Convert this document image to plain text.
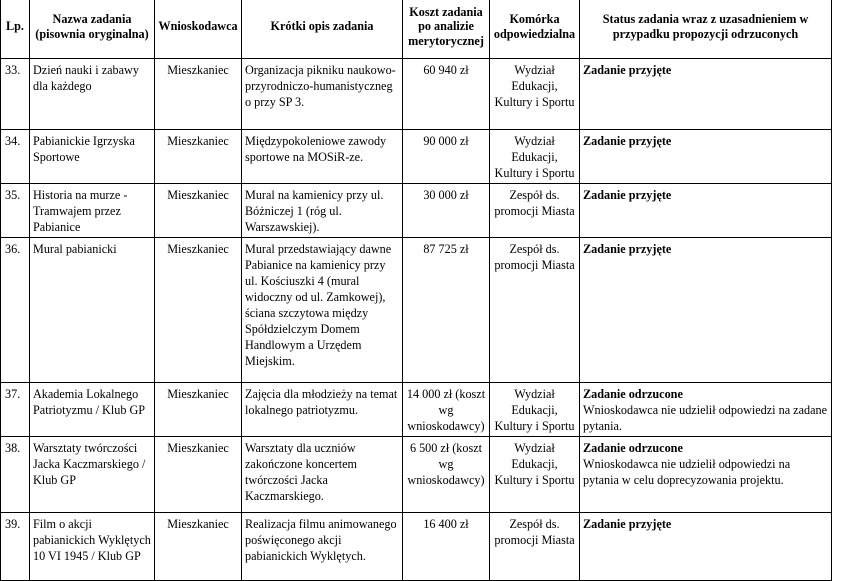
Lp.	Nazwa zadania (pisownia oryginalna)	Wnioskodawca	Krótki opis zadania	Koszt zadania po analizie merytorycznej	Komórka odpowiedzialna	Status zadania wraz z uzasadnieniem w przypadku propozycji odrzuconych
33.	Dzień nauki i zabawy dla każdego	Mieszkaniec	Organizacja pikniku naukowo-przyrodniczo-humanistyczneg o przy SP 3.	60 940 zł	Wydział Edukacji, Kultury i Sportu	Zadanie przyjęte

34.	Pabianickie Igrzyska Sportowe	Mieszkaniec	Międzypokoleniowe zawody sportowe na MOSiR-ze.	90 000 zł	Wydział Edukacji, Kultury i Sportu	Zadanie przyjęte

35.	Historia na murze - Tramwajem przez Pabianice	Mieszkaniec	Mural na kamienicy przy ul. Bóżniczej 1 (róg ul. Warszawskiej).	30 000 zł	Zespół ds. promocji Miasta	Zadanie przyjęte

36.	Mural pabianicki	Mieszkaniec	Mural przedstawiający dawne Pabianice na kamienicy przy ul. Kościuszki 4 (mural widoczny od ul. Zamkowej), ściana szczytowa między Spółdzielczym Domem Handlowym a Urzędem Miejskim.	87 725 zł	Zespół ds. promocji Miasta	Zadanie przyjęte

37.	Akademia Lokalnego Patriotyzmu / Klub GP	Mieszkaniec	Zajęcia dla młodzieży na temat lokalnego patriotyzmu.	14 000 zł (koszt wg wnioskodawcy)	Wydział Edukacji, Kultury i Sportu	Zadanie odrzucone
Wnioskodawca nie udzielił odpowiedzi na zadane pytania.

38.	Warsztaty twórczości Jacka Kaczmarskiego / Klub GP	Mieszkaniec	Warsztaty dla uczniów zakończone koncertem twórczości Jacka Kaczmarskiego.	6 500 zł (koszt wg wnioskodawcy)	Wydział Edukacji, Kultury i Sportu	Zadanie odrzucone
Wnioskodawca nie udzielił odpowiedzi na pytania w celu doprecyzowania projektu.

39.	Film o akcji pabianickich Wyklętych 10 VI 1945 / Klub GP	Mieszkaniec	Realizacja filmu animowanego poświęconego akcji pabianickich Wyklętych.	16 400 zł	Zespół ds. promocji Miasta	Zadanie przyjęte
